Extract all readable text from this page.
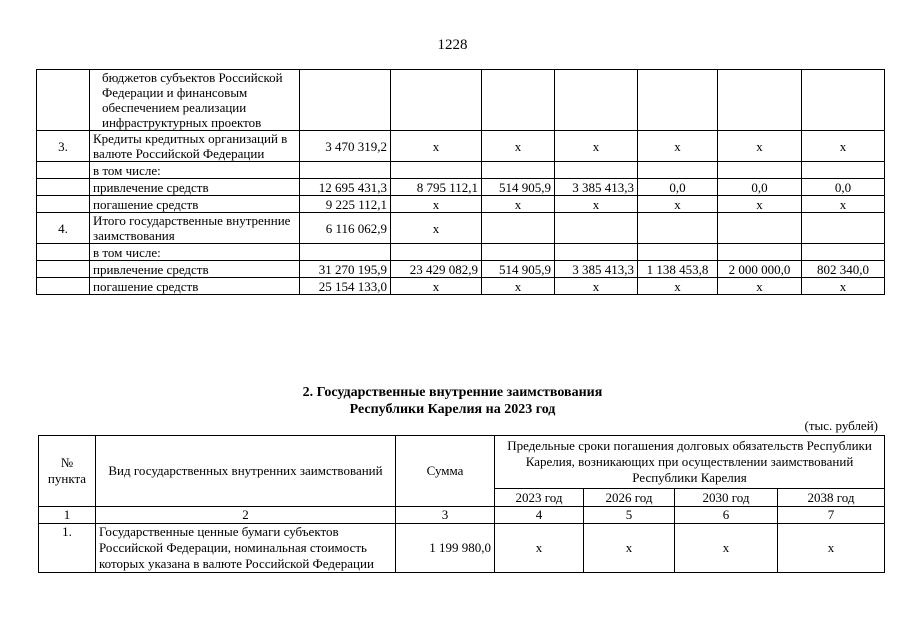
1228
	бюджетов субъектов Российской Федерации и финансовым обеспечением реализации инфраструктурных проектов							
3.	Кредиты кредитных организаций в валюте Российской Федерации	3 470 319,2	x	x	x	x	x	x
	в том числе:							
	привлечение средств	12 695 431,3	8 795 112,1	514 905,9	3 385 413,3	0,0	0,0	0,0
	погашение средств	9 225 112,1	x	x	x	x	x	x
4.	Итого государственные внутренние заимствования	6 116 062,9	x					
	в том числе:							
	привлечение средств	31 270 195,9	23 429 082,9	514 905,9	3 385 413,3	1 138 453,8	2 000 000,0	802 340,0
	погашение средств	25 154 133,0	x	x	x	x	x	x
2. Государственные внутренние заимствования
Республики Карелия на 2023 год
(тыс. рублей)
№ пункта	Вид государственных внутренних заимствований	Сумма	Предельные сроки погашения долговых обязательств Республики Карелия, возникающих при осуществлении заимствований Республики Карелия			
			2023 год	2026 год	2030 год	2038 год
1	2	3	4	5	6	7
1.	Государственные ценные бумаги субъектов Российской Федерации, номинальная стоимость которых указана в валюте Российской Федерации	1 199 980,0	x	x	x	x
